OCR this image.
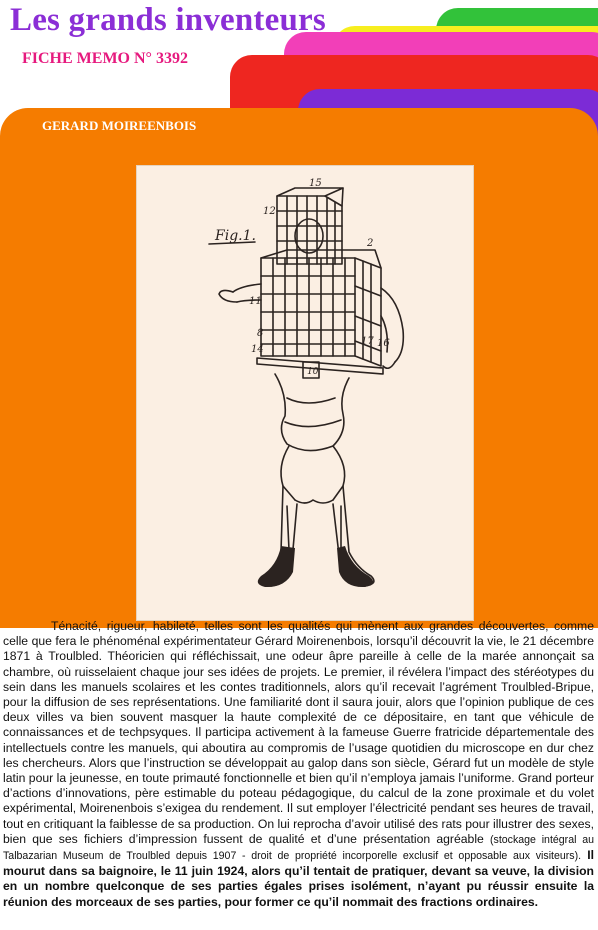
Les grands inventeurs
FICHE MEMO N° 3392
GERARD MOIREENBOIS
Fig.1.
15
12
2
11
14
8
16
17
10

Ténacité, rigueur, habileté, telles sont les qualités qui mènent aux grandes découvertes, comme celle que fera le phénoménal expérimentateur Gérard Moirenenbois, lorsqu’il découvrit la vie, le 21 décembre 1871 à Troulbled. Théoricien qui réfléchissait, une odeur âpre pareille à celle de la marée annonçait sa chambre, où ruisselaient chaque jour ses idées de projets. Le premier, il révélera l’impact des stéréotypes du sein dans les manuels scolaires et les contes traditionnels, alors qu’il recevait l’agrément Troulbled-Bripue, pour la diffusion de ses représentations. Une familiarité dont il saura jouir, alors que l’opinion publique de ces deux villes va bien souvent masquer la haute complexité de ce dépositaire, en tant que véhicule de connaissances et de techpsyques. Il participa activement à la fameuse Guerre fratricide départementale des intellectuels contre les manuels, qui aboutira au compromis de l’usage quotidien du microscope en dur chez les chercheurs. Alors que l’instruction se développait au galop dans son siècle, Gérard fut un modèle de style latin pour la jeunesse, en toute primauté fonctionnelle et bien qu’il n’employa jamais l’uniforme. Grand porteur d’actions d’innovations, père estimable du poteau pédagogique, du calcul de la zone proximale et du volet expérimental, Moirenenbois s’exigea du rendement. Il sut employer l’électricité pendant ses heures de travail, tout en critiquant la faiblesse de sa production. On lui reprocha d’avoir utilisé des rats pour illustrer des sexes, bien que ses fichiers d’impression fussent de qualité et d’une présentation agréable (stockage intégral au Talbazarian Museum de Troulbled depuis 1907 - droit de propriété incorporelle exclusif et opposable aux visiteurs). Il mourut dans sa baignoire, le 11 juin 1924, alors qu’il tentait de pratiquer, devant sa veuve, la division en un nombre quelconque de ses parties égales prises isolément, n’ayant pu réussir ensuite la réunion des morceaux de ses parties, pour former ce qu’il nommait des fractions ordinaires.
